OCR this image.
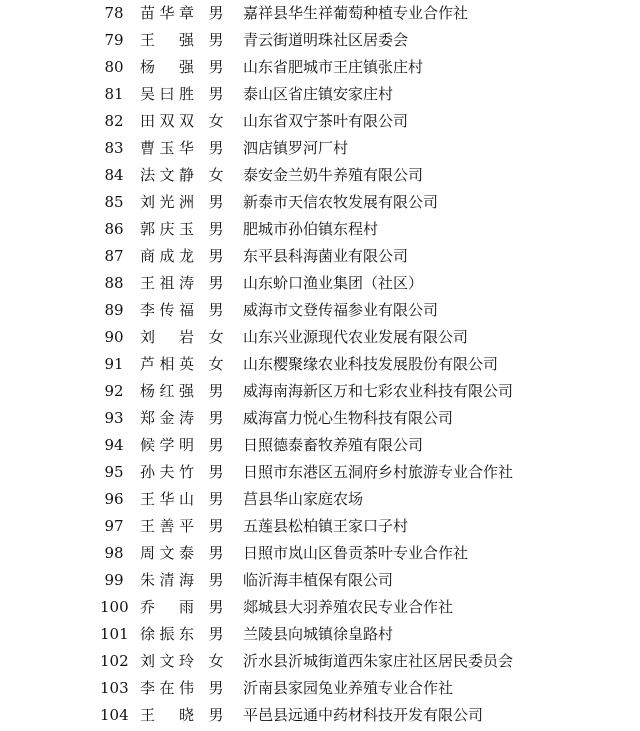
78 苗华章 男 嘉祥县华生祥葡萄种植专业合作社
79 王强 男 青云街道明珠社区居委会
80 杨强 男 山东省肥城市王庄镇张庄村
81 吴曰胜 男 泰山区省庄镇安家庄村
82 田双双 女 山东省双宁茶叶有限公司
83 曹玉华 男 泗店镇罗河厂村
84 法文静 女 泰安金兰奶牛养殖有限公司
85 刘光洲 男 新泰市天信农牧发展有限公司
86 郭庆玉 男 肥城市孙伯镇东程村
87 商成龙 男 东平县科海菌业有限公司
88 王祖涛 男 山东蚧口渔业集团（社区）
89 李传福 男 威海市文登传福参业有限公司
90 刘岩 女 山东兴业源现代农业发展有限公司
91 芦相英 女 山东樱聚缘农业科技发展股份有限公司
92 杨红强 男 威海南海新区万和七彩农业科技有限公司
93 郑金涛 男 威海富力悦心生物科技有限公司
94 候学明 男 日照德泰畜牧养殖有限公司
95 孙夫竹 男 日照市东港区五洞府乡村旅游专业合作社
96 王华山 男 莒县华山家庭农场
97 王善平 男 五莲县松柏镇王家口子村
98 周文泰 男 日照市岚山区鲁贡茶叶专业合作社
99 朱清海 男 临沂海丰植保有限公司
100 乔雨 男 郯城县大羽养殖农民专业合作社
101 徐振东 男 兰陵县向城镇徐皇路村
102 刘文玲 女 沂水县沂城街道西朱家庄社区居民委员会
103 李在伟 男 沂南县家园兔业养殖专业合作社
104 王晓 男 平邑县远通中药材科技开发有限公司
